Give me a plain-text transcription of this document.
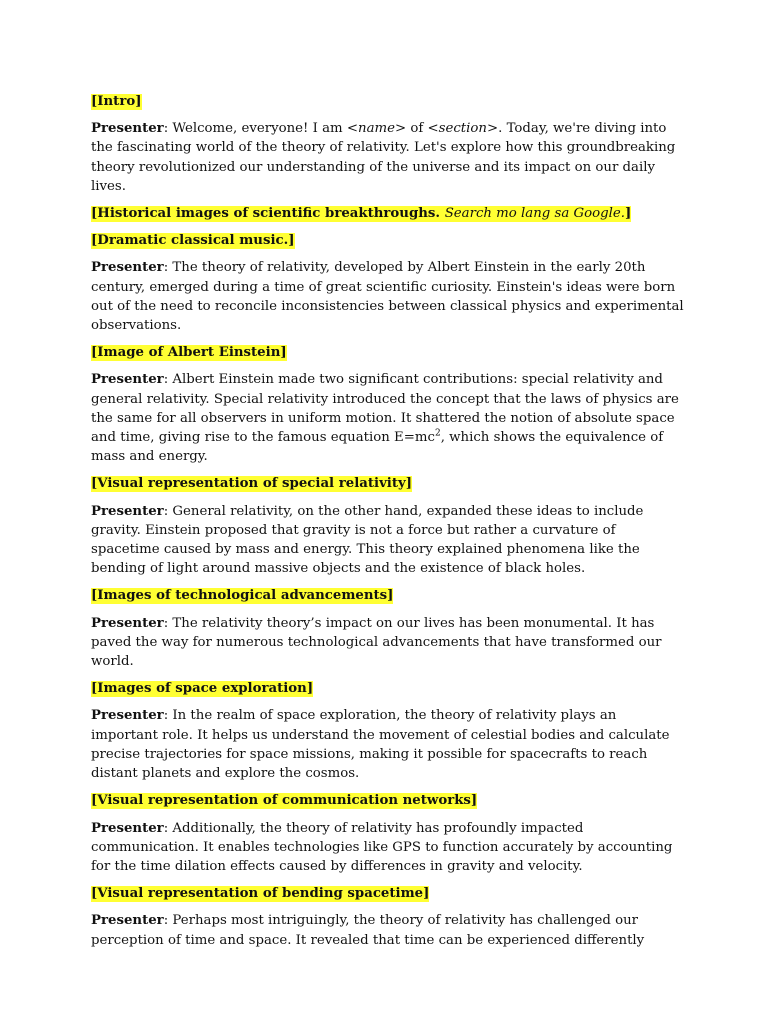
[Intro]

Presenter: Welcome, everyone! I am <name> of <section>. Today, we're diving into the fascinating world of the theory of relativity. Let's explore how this groundbreaking theory revolutionized our understanding of the universe and its impact on our daily lives.

[Historical images of scientific breakthroughs. Search mo lang sa Google.]

[Dramatic classical music.]

Presenter: The theory of relativity, developed by Albert Einstein in the early 20th century, emerged during a time of great scientific curiosity. Einstein's ideas were born out of the need to reconcile inconsistencies between classical physics and experimental observations.

[Image of Albert Einstein]

Presenter: Albert Einstein made two significant contributions: special relativity and general relativity. Special relativity introduced the concept that the laws of physics are the same for all observers in uniform motion. It shattered the notion of absolute space and time, giving rise to the famous equation $E=mc^2$, which shows the equivalence of mass and energy.

[Visual representation of special relativity]

Presenter: General relativity, on the other hand, expanded these ideas to include gravity. Einstein proposed that gravity is not a force but rather a curvature of spacetime caused by mass and energy. This theory explained phenomena like the bending of light around massive objects and the existence of black holes.

[Images of technological advancements]

Presenter: The relativity theory’s impact on our lives has been monumental. It has paved the way for numerous technological advancements that have transformed our world.

[Images of space exploration]

Presenter: In the realm of space exploration, the theory of relativity plays an important role. It helps us understand the movement of celestial bodies and calculate precise trajectories for space missions, making it possible for spacecrafts to reach distant planets and explore the cosmos.

[Visual representation of communication networks]

Presenter: Additionally, the theory of relativity has profoundly impacted communication. It enables technologies like GPS to function accurately by accounting for the time dilation effects caused by differences in gravity and velocity.

[Visual representation of bending spacetime]

Presenter: Perhaps most intriguingly, the theory of relativity has challenged our perception of time and space. It revealed that time can be experienced differently
